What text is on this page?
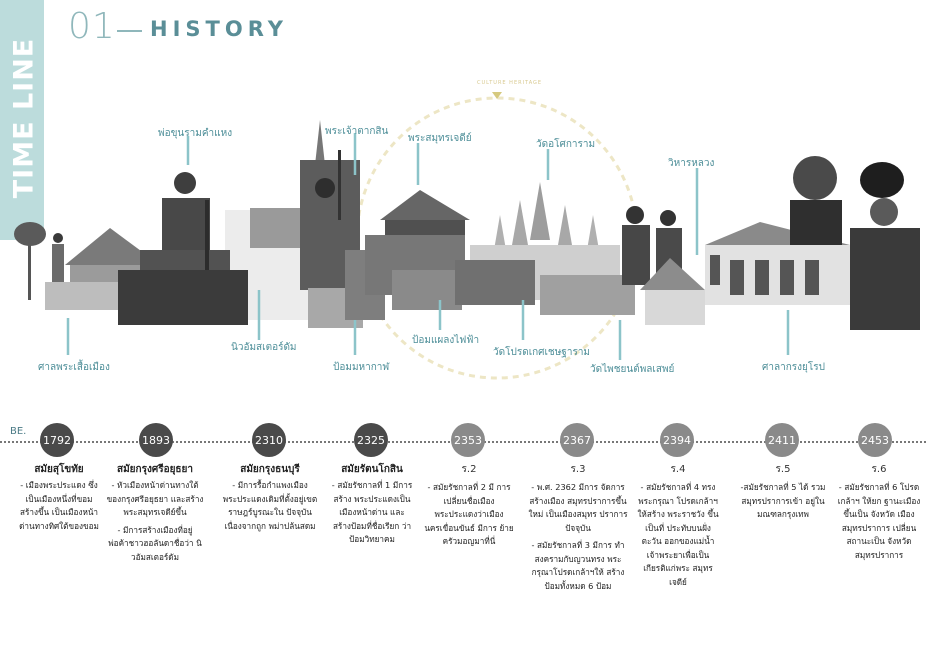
TIME LINE
01 HISTORY
CULTURE HERITAGE
พ่อขุนรามคำแหง	พระเจ้าตากสิน
พระสมุทรเจดีย์
วัดอโศการาม
วิหารหลวง
ศาลพระเสื้อเมือง
นิวอัมสเตอร์ดัม
ป้อมมหากาฬ
ป้อมแผลงไฟฟ้า
วัดโปรดเกศเชษฐาราม
วัดไพชยนต์พลเสพย์	ศาลากรงยุโรป
BE.
1792	1893	2310	2325	2353	2367	2394	2411	2453
สมัยสุโขทัย

- เมืองพระประแดง ซึ่งเป็นเมืองหนึ่งที่ขอม สร้างขึ้น เป็นเมืองหน้าด่านทางทิศใต้ของขอม

สมัยกรุงศรีอยุธยา

- หัวเมืองหน้าด่านทางใต้ ของกรุงศรีอยุธยา และสร้าง พระสมุทรเจดีย์ขึ้น

- มีการสร้างเมืองที่อยู่ พ่อค้าชาวฮอลันดาชื่อว่า นิวอัมสเตอร์ดัม

สมัยกรุงธนบุรี

- มีการรื้อกำแพงเมืองพระประแดงเดิมที่ตั้งอยู่เขตราษฎร์บูรณะใน ปัจจุบันเนื่องจากถูก พม่าปล้นสดม

สมัยรัตนโกสิน

- สมัยรัชกาลที่ 1 มีการสร้าง พระประแดงเป็น เมืองหน้าด่าน และ สร้างป้อมที่ชื่อเรียก ว่า ป้อมวิทยาคม

ร.2

- สมัยรัชกาลที่ 2 มี การเปลี่ยนชื่อเมือง พระประแดงว่าเมือง นครเขื่อนขันธ์ มีการ ย้ายครัวมอญมาที่นี่

ร.3

- พ.ศ. 2362 มีการ จัดการสร้างเมือง สมุทรปราการขึ้น ใหม่ เป็นเมืองสมุทร ปราการปัจจุบัน

- สมัยรัชกาลที่ 3 มีการ ทำสงครามกับญวนทรง พระกรุณาโปรดเกล้าฯให้ สร้างป้อมทั้งหมด 6 ป้อม

ร.4

- สมัยรัชกาลที่ 4 ทรงพระกรุณา โปรดเกล้าฯให้สร้าง พระราชวัง ขึ้นเป็นที่ ประทับบนฝั่งตะวัน ออกของแม่น้ำ เจ้าพระยาเพื่อเป็น เกียรติแก่พระ สมุทรเจดีย์

ร.5

-สมัยรัชกาลที่ 5 ได้ รวมสมุทรปราการเข้า อยู่ใน มณฑลกรุงเทพ

ร.6

- สมัยรัชกาลที่ 6 โปรดเกล้าฯ ให้ยก ฐานะเมืองขึ้นเป็น จังหวัด เมือง สมุทรปราการ เปลี่ยนสถานะเป็น จังหวัด สมุทรปราการ
